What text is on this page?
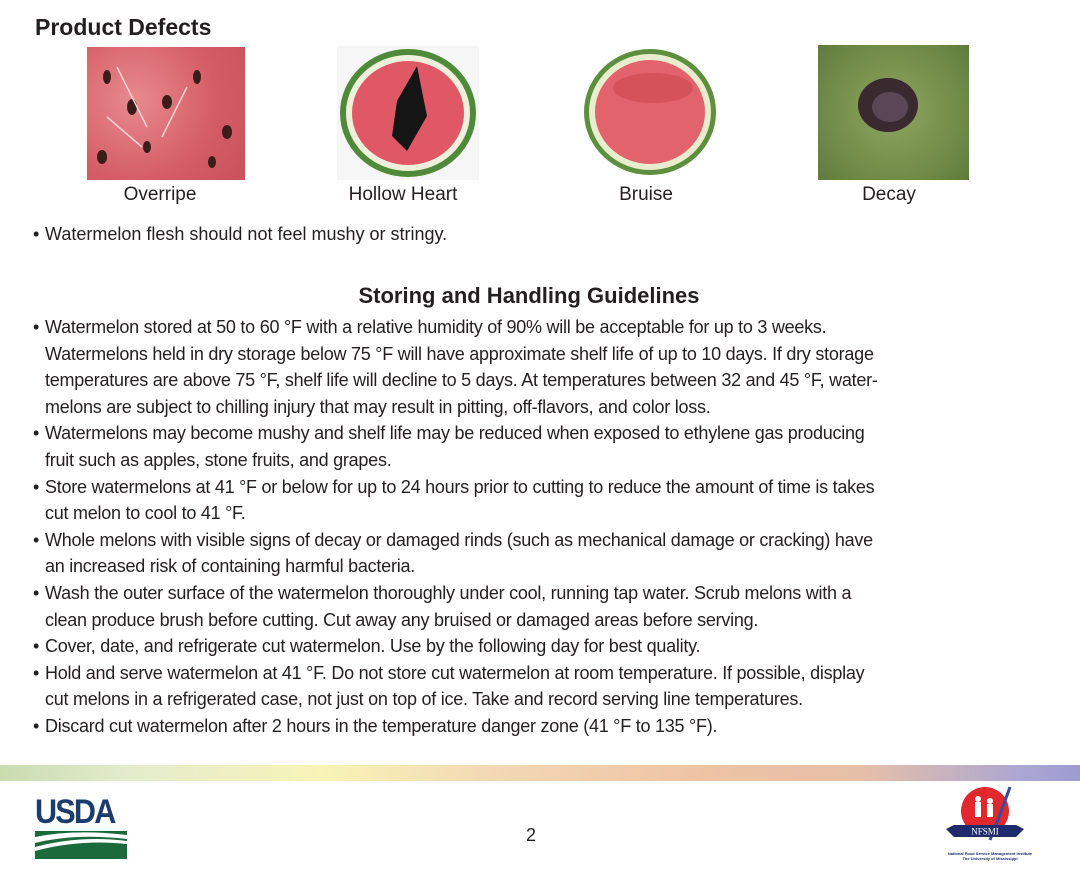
Product Defects
Overripe	Hollow Heart	Bruise	Decay
• Watermelon flesh should not feel mushy or stringy.
Storing and Handling Guidelines
• Watermelon stored at 50 to 60 °F with a relative humidity of 90% will be acceptable for up to 3 weeks.
Watermelons held in dry storage below 75 °F will have approximate shelf life of up to 10 days. If dry storage
temperatures are above 75 °F, shelf life will decline to 5 days. At temperatures between 32 and 45 °F, water-
melons are subject to chilling injury that may result in pitting, off-flavors, and color loss.
• Watermelons may become mushy and shelf life may be reduced when exposed to ethylene gas producing
fruit such as apples, stone fruits, and grapes.
• Store watermelons at 41 °F or below for up to 24 hours prior to cutting to reduce the amount of time is takes
cut melon to cool to 41 °F.
• Whole melons with visible signs of decay or damaged rinds (such as mechanical damage or cracking) have
an increased risk of containing harmful bacteria.
• Wash the outer surface of the watermelon thoroughly under cool, running tap water. Scrub melons with a
clean produce brush before cutting. Cut away any bruised or damaged areas before serving.
• Cover, date, and refrigerate cut watermelon. Use by the following day for best quality.
• Hold and serve watermelon at 41 °F. Do not store cut watermelon at room temperature. If possible, display
cut melons in a refrigerated case, not just on top of ice. Take and record serving line temperatures.
• Discard cut watermelon after 2 hours in the temperature danger zone (41 °F to 135 °F).
USDA
2	NFSMI
National Food Service Management Institute
The University of Mississippi
